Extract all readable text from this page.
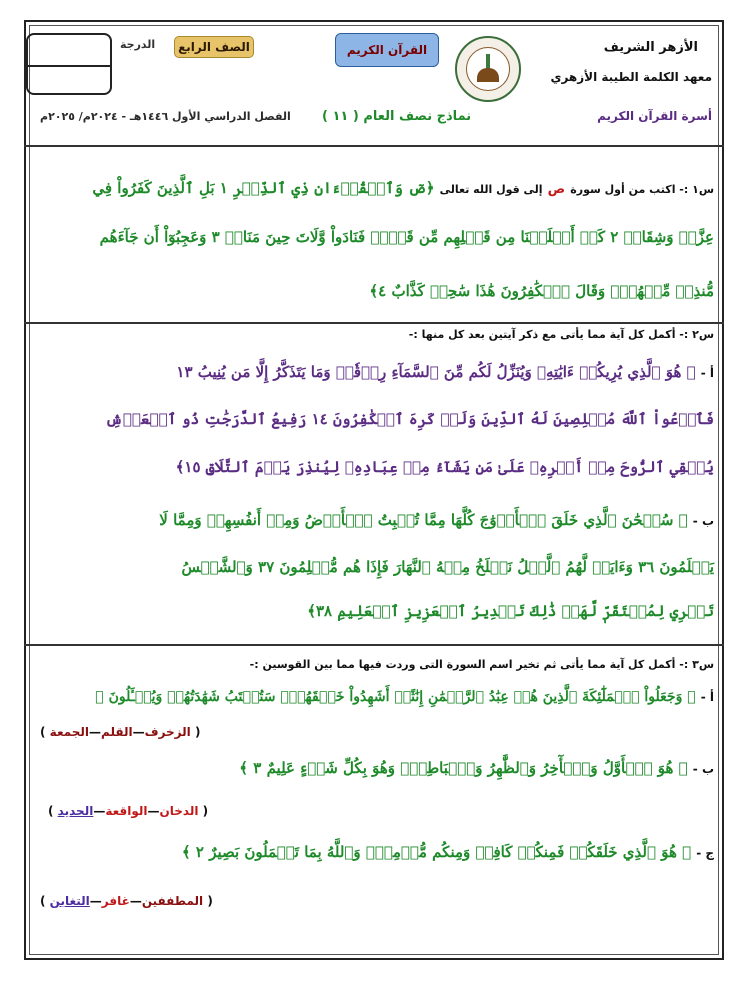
الأزهر الشريف
معهد الكلمة الطيبة الأزهري
أسرة القرآن الكريم
القرآن الكريم
الصف الرابع
الدرجة
نماذج نصف العام ( ١١ )
الفصل الدراسي الأول ١٤٤٦هـ - ٢٠٢٤م/ ٢٠٢٥م
س١ :- اكتب من أول سورة ص إلى قول الله تعالى ﴿صٓ وَٱلۡقُرۡءَانِ ذِي ٱلذِّكۡرِ ١ بَلِ ٱلَّذِينَ كَفَرُواْ فِي
عِزَّةٖ وَشِقَاقٖ ٢ كَمۡ أَهۡلَكۡنَا مِن قَبۡلِهِم مِّن قَرۡنٖ فَنَادَواْ وَّلَاتَ حِينَ مَنَاصٖ ٣ وَعَجِبُوٓاْ أَن جَآءَهُم
مُّنذِرٞ مِّنۡهُمۡۖ وَقَالَ ٱلۡكَٰفِرُونَ هَٰذَا سَٰحِرٞ كَذَّابٌ ٤﴾
س٢ :- أكمل كل آية مما يأتى مع ذكر آيتين بعد كل منها :-
أ - ﴿ هُوَ ٱلَّذِي يُرِيكُمۡ ءَايَٰتِهِۦ وَيُنَزِّلُ لَكُم مِّنَ ٱلسَّمَآءِ رِزۡقٗاۚ وَمَا يَتَذَكَّرُ إِلَّا مَن يُنِيبُ ١٣
فَٱدۡعُواْ ٱللَّهَ مُخۡلِصِينَ لَهُ ٱلدِّينَ وَلَوۡ كَرِهَ ٱلۡكَٰفِرُونَ ١٤ رَفِيعُ ٱلدَّرَجَٰتِ ذُو ٱلۡعَرۡشِ
يُلۡقِي ٱلرُّوحَ مِنۡ أَمۡرِهِۦ عَلَىٰ مَن يَشَآءُ مِنۡ عِبَادِهِۦ لِيُنذِرَ يَوۡمَ ٱلتَّلَاقِ ١٥﴾
ب - ﴿ سُبۡحَٰنَ ٱلَّذِي خَلَقَ ٱلۡأَزۡوَٰجَ كُلَّهَا مِمَّا تُنۢبِتُ ٱلۡأَرۡضُ وَمِنۡ أَنفُسِهِمۡ وَمِمَّا لَا
يَعۡلَمُونَ ٣٦ وَءَايَةٞ لَّهُمُ ٱلَّيۡلُ نَسۡلَخُ مِنۡهُ ٱلنَّهَارَ فَإِذَا هُم مُّظۡلِمُونَ ٣٧ وَٱلشَّمۡسُ
تَجۡرِي لِمُسۡتَقَرّٖ لَّهَاۚ ذَٰلِكَ تَقۡدِيرُ ٱلۡعَزِيزِ ٱلۡعَلِيمِ ٣٨﴾
س٣ :- أكمل كل آية مما يأتى ثم تخير اسم السورة التى وردت فيها مما بين القوسين :-
أ - ﴿ وَجَعَلُواْ ٱلۡمَلَٰٓئِكَةَ ٱلَّذِينَ هُمۡ عِبَٰدُ ٱلرَّحۡمَٰنِ إِنَٰثًاۚ أَشَهِدُواْ خَلۡقَهُمۡۚ سَتُكۡتَبُ شَهَٰدَتُهُمۡ وَيُسۡـَٔلُونَ ﴾
( الزخرف—القلم—الجمعة )
ب - ﴿ هُوَ ٱلۡأَوَّلُ وَٱلۡأٓخِرُ وَٱلظَّٰهِرُ وَٱلۡبَاطِنُۖ وَهُوَ بِكُلِّ شَيۡءٍ عَلِيمٌ ٣ ﴾
( الدخان—الواقعة—الحديد )
ج - ﴿ هُوَ ٱلَّذِي خَلَقَكُمۡ فَمِنكُمۡ كَافِرٞ وَمِنكُم مُّؤۡمِنٞۚ وَٱللَّهُ بِمَا تَعۡمَلُونَ بَصِيرٌ ٢ ﴾
( المطففين—غافر—التغابن )
